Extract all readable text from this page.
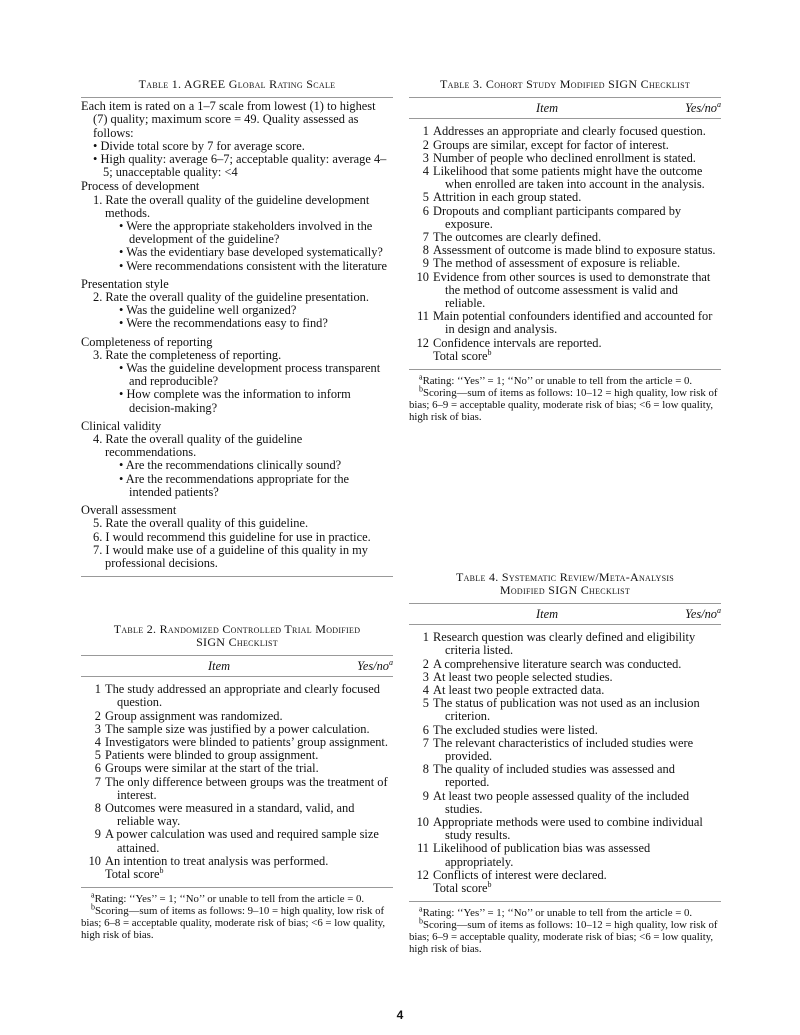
Table 1. AGREE Global Rating Scale

Each item is rated on a 1–7 scale from lowest (1) to highest (7) quality; maximum score = 49. Quality assessed as follows:

• Divide total score by 7 for average score.

• High quality: average 6–7; acceptable quality: average 4–5; unacceptable quality: <4

Process of development

1. Rate the overall quality of the guideline development methods.

• Were the appropriate stakeholders involved in the development of the guideline?

• Was the evidentiary base developed systematically?

• Were recommendations consistent with the literature

Presentation style

2. Rate the overall quality of the guideline presentation.

• Was the guideline well organized?

• Were the recommendations easy to find?

Completeness of reporting

3. Rate the completeness of reporting.

• Was the guideline development process transparent and reproducible?

• How complete was the information to inform decision-making?

Clinical validity

4. Rate the overall quality of the guideline recommendations.

• Are the recommendations clinically sound?

• Are the recommendations appropriate for the intended patients?

Overall assessment

5. Rate the overall quality of this guideline.

6. I would recommend this guideline for use in practice.

7. I would make use of a guideline of this quality in my professional decisions.

Table 2. Randomized Controlled Trial Modified
SIGN Checklist
Item	Yes/$no^a$
1 The study addressed an appropriate and clearly focused question.
2 Group assignment was randomized.
3 The sample size was justified by a power calculation.
4 Investigators were blinded to patients’ group assignment.
5 Patients were blinded to group assignment.
6 Groups were similar at the start of the trial.
7 The only difference between groups was the treatment of interest.
8 Outcomes were measured in a standard, valid, and reliable way.
9 A power calculation was used and required sample size attained.
10 An intention to treat analysis was performed.
Total score$^b$
$^a$Rating: ‘‘Yes’’ = 1; ‘‘No’’ or unable to tell from the article = 0.
$^b$Scoring—sum of items as follows: 9–10 = high quality, low risk of bias; 6–8 = acceptable quality, moderate risk of bias; <6 = low quality, high risk of bias.
Table 3. Cohort Study Modified SIGN Checklist
Item	Yes/$no^a$
1 Addresses an appropriate and clearly focused question.
2 Groups are similar, except for factor of interest.
3 Number of people who declined enrollment is stated.
4 Likelihood that some patients might have the outcome when enrolled are taken into account in the analysis.
5 Attrition in each group stated.
6 Dropouts and compliant participants compared by exposure.
7 The outcomes are clearly defined.
8 Assessment of outcome is made blind to exposure status.
9 The method of assessment of exposure is reliable.
10 Evidence from other sources is used to demonstrate that the method of outcome assessment is valid and reliable.
11 Main potential confounders identified and accounted for in design and analysis.
12 Confidence intervals are reported.
Total score$^b$
$^a$Rating: ‘‘Yes’’ = 1; ‘‘No’’ or unable to tell from the article = 0.
$^b$Scoring—sum of items as follows: 10–12 = high quality, low risk of bias; 6–9 = acceptable quality, moderate risk of bias; <6 = low quality, high risk of bias.
Table 4. Systematic Review/Meta-Analysis
Modified SIGN Checklist
Item	Yes/$no^a$
1 Research question was clearly defined and eligibility criteria listed.
2 A comprehensive literature search was conducted.
3 At least two people selected studies.
4 At least two people extracted data.
5 The status of publication was not used as an inclusion criterion.
6 The excluded studies were listed.
7 The relevant characteristics of included studies were provided.
8 The quality of included studies was assessed and reported.
9 At least two people assessed quality of the included studies.
10 Appropriate methods were used to combine individual study results.
11 Likelihood of publication bias was assessed appropriately.
12 Conflicts of interest were declared.
Total score$^b$
$^a$Rating: ‘‘Yes’’ = 1; ‘‘No’’ or unable to tell from the article = 0.
$^b$Scoring—sum of items as follows: 10–12 = high quality, low risk of bias; 6–9 = acceptable quality, moderate risk of bias; <6 = low quality, high risk of bias.
4
